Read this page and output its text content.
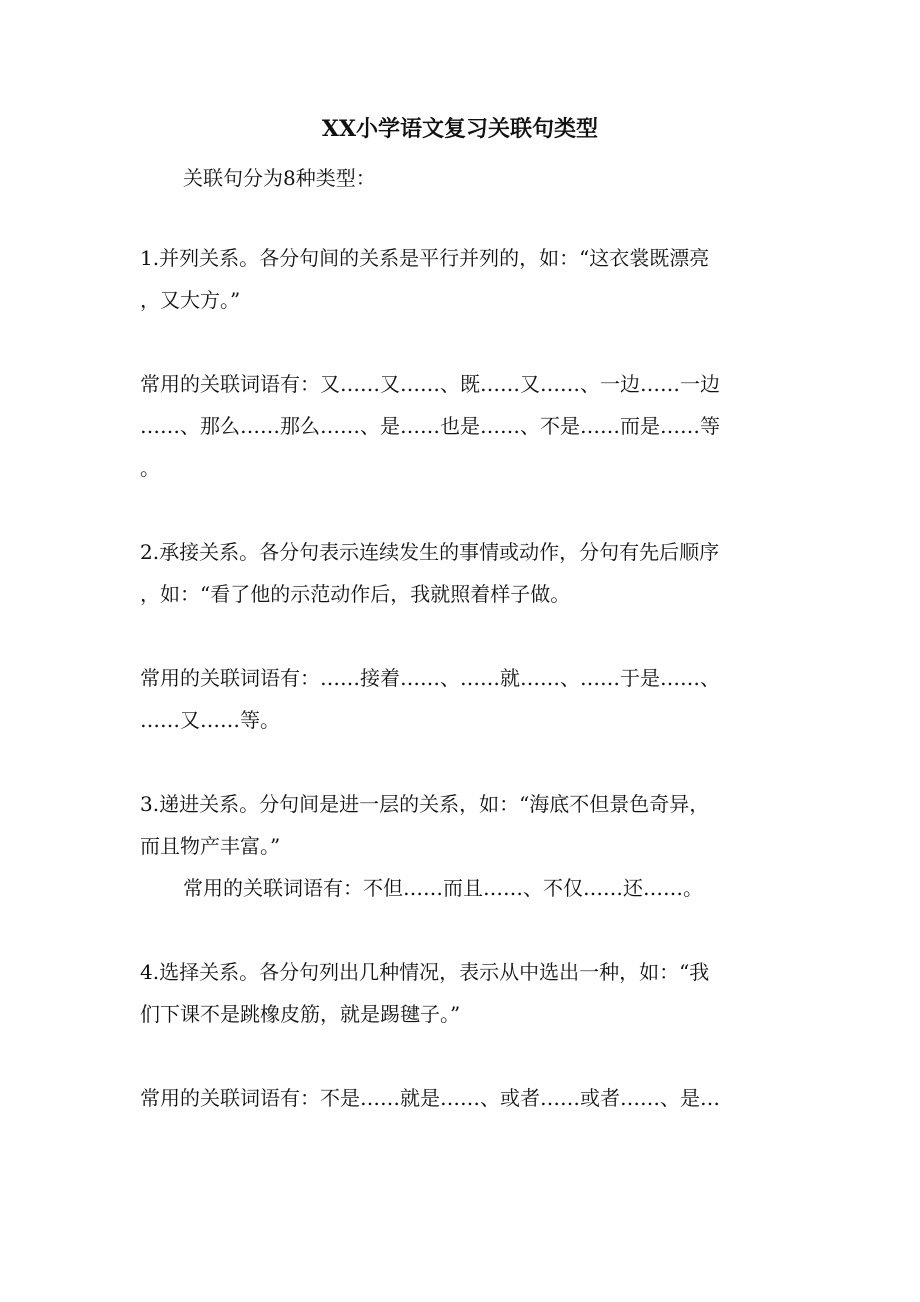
XX小学语文复习关联句类型
关联句分为8种类型：
1.并列关系。各分句间的关系是平行并列的，如：“这衣裳既漂亮
，又大方。”
常用的关联词语有：又……又……、既……又……、一边……一边
……、那么……那么……、是……也是……、不是……而是……等
。
2.承接关系。各分句表示连续发生的事情或动作，分句有先后顺序
，如：“看了他的示范动作后，我就照着样子做。
常用的关联词语有：……接着……、……就……、……于是……、
……又……等。
3.递进关系。分句间是进一层的关系，如：“海底不但景色奇异，
而且物产丰富。”
常用的关联词语有：不但……而且……、不仅……还……。
4.选择关系。各分句列出几种情况，表示从中选出一种，如：“我
们下课不是跳橡皮筋，就是踢毽子。”
常用的关联词语有：不是……就是……、或者……或者……、是…
